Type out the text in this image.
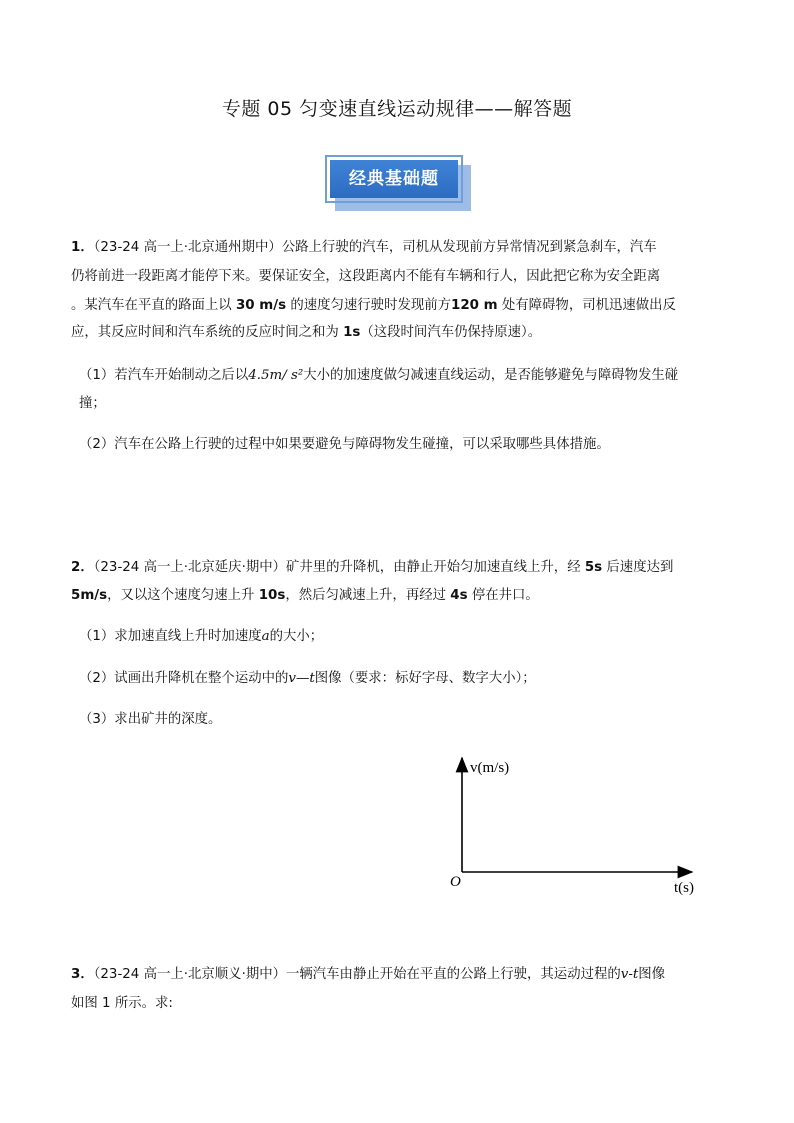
专题 05 匀变速直线运动规律——解答题
经典基础题
1．（23-24 高一上·北京通州期中）公路上行驶的汽车，司机从发现前方异常情况到紧急刹车，汽车
仍将前进一段距离才能停下来。要保证安全，这段距离内不能有车辆和行人，因此把它称为安全距离
。某汽车在平直的路面上以 30 m/s 的速度匀速行驶时发现前方120 m 处有障碍物，司机迅速做出反
应，其反应时间和汽车系统的反应时间之和为 1s（这段时间汽车仍保持原速）。
（1）若汽车开始制动之后以4.5m/ s²大小的加速度做匀减速直线运动，是否能够避免与障碍物发生碰
撞；
（2）汽车在公路上行驶的过程中如果要避免与障碍物发生碰撞，可以采取哪些具体措施。
2．（23-24 高一上·北京延庆·期中）矿井里的升降机，由静止开始匀加速直线上升，经 5s 后速度达到
5m/s，又以这个速度匀速上升 10s，然后匀减速上升，再经过 4s 停在井口。
（1）求加速直线上升时加速度a的大小；
（2）试画出升降机在整个运动中的v—t图像（要求：标好字母、数字大小）；
（3）求出矿井的深度。
v(m/s)
O	t(s)
3．（23-24 高一上·北京顺义·期中）一辆汽车由静止开始在平直的公路上行驶，其运动过程的v-t图像
如图 1 所示。求:
